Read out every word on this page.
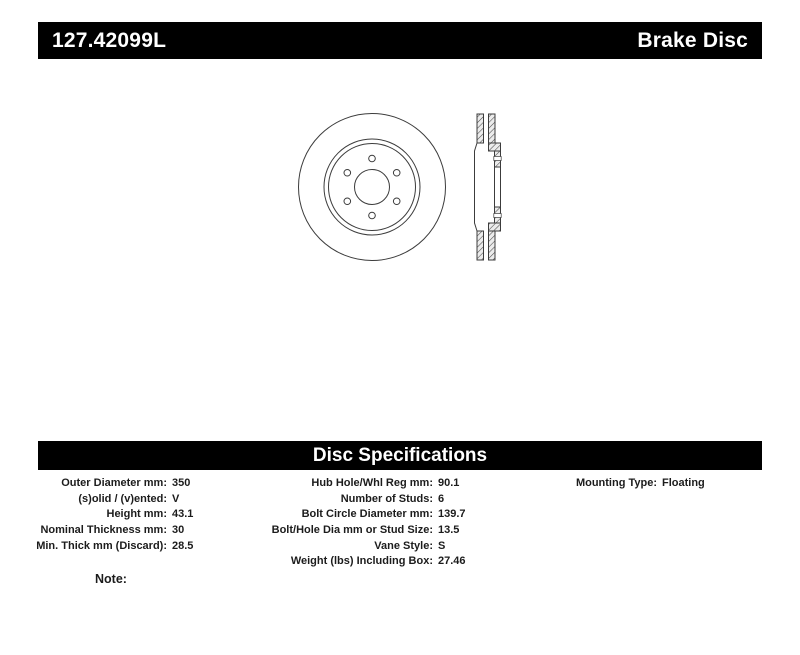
127.42099L	Brake Disc
Disc Specifications
Outer Diameter mm: 350
(s)olid / (v)ented: V
Height mm: 43.1
Nominal Thickness mm: 30
Min. Thick mm (Discard): 28.5
Hub Hole/Whl Reg mm: 90.1
Number of Studs: 6
Bolt Circle Diameter mm: 139.7
Bolt/Hole Dia mm or Stud Size: 13.5
Vane Style: S
Weight (lbs) Including Box: 27.46
Mounting Type: Floating
Note:
